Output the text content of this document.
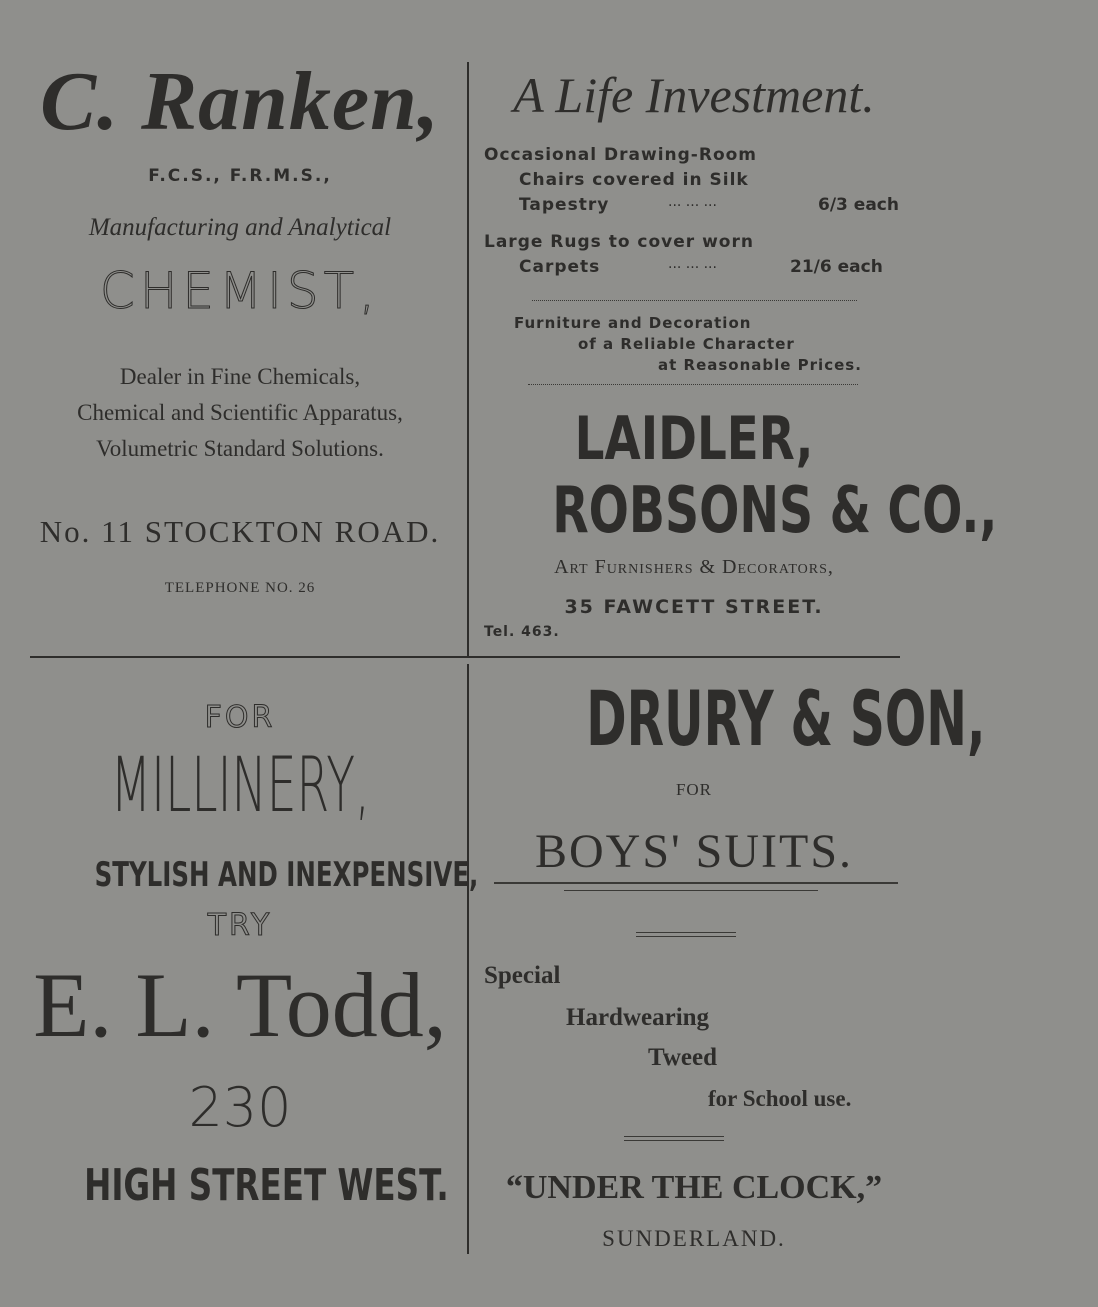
C. Ranken,
F.C.S., F.R.M.S.,
Manufacturing and Analytical
CHEMIST,
Dealer in Fine Chemicals,
Chemical and Scientific Apparatus,
Volumetric Standard Solutions.
No. 11 STOCKTON ROAD.
TELEPHONE NO. 26
A Life Investment.
Occasional Drawing-Room
Chairs covered in Silk
Tapestry	... ... ...	6/3 each
Large Rugs to cover worn
Carpets	... ... ...	21/6 each
Furniture and Decoration
of a Reliable Character
at Reasonable Prices.
LAIDLER,
ROBSONS & CO.,
Art Furnishers & Decorators,
35 FAWCETT STREET.
Tel. 463.
FOR
MILLINERY,
STYLISH AND INEXPENSIVE,
TRY
E. L. Todd,
230
HIGH STREET WEST.
DRURY & SON,
FOR
BOYS' SUITS.
Special
Hardwearing
Tweed
for School use.
“UNDER THE CLOCK,”
SUNDERLAND.
